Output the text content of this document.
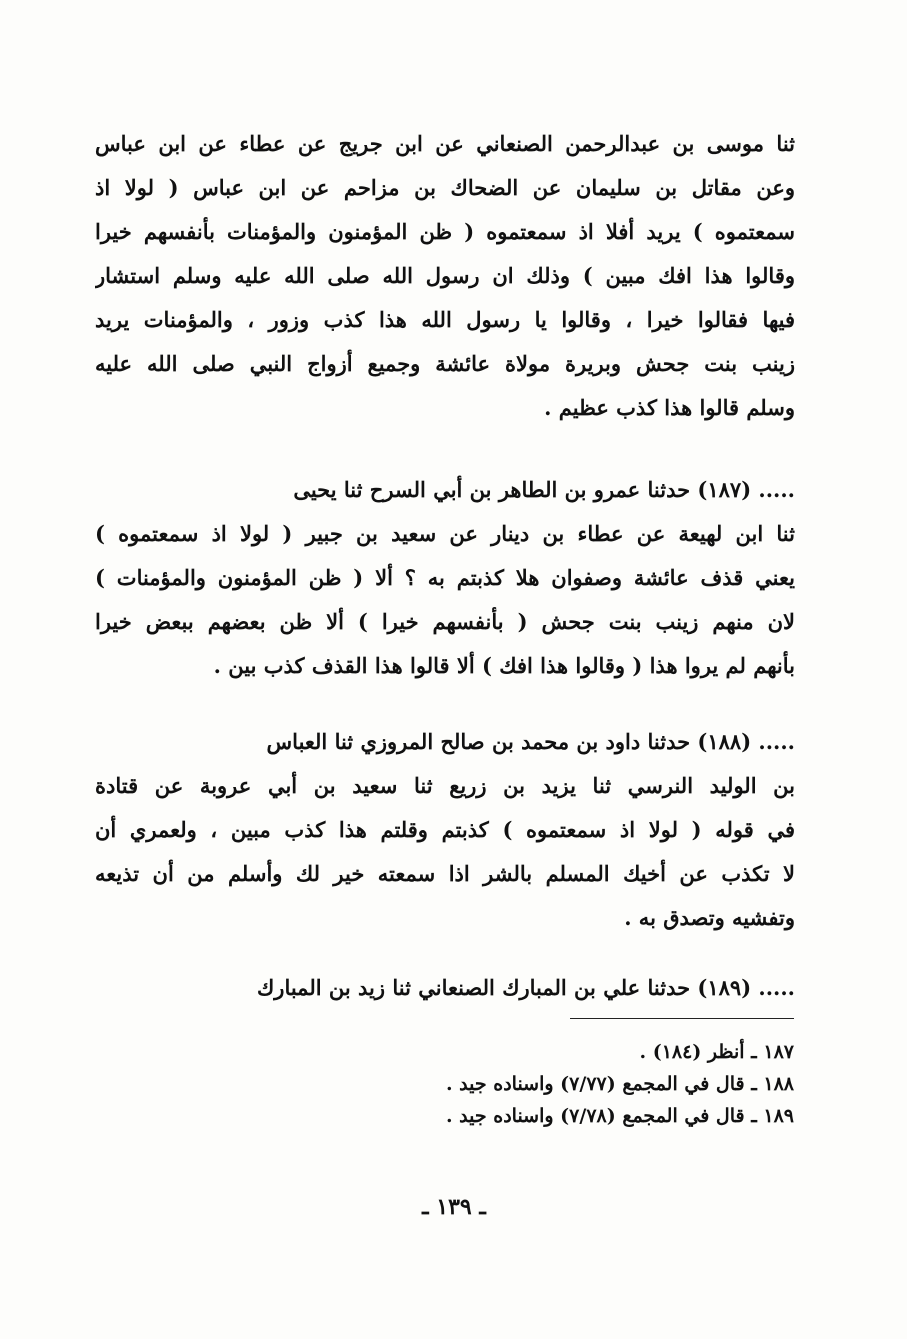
ثنا موسى بن عبدالرحمن الصنعاني عن ابن جريج عن عطاء عن ابن عباس
وعن مقاتل بن سليمان عن الضحاك بن مزاحم عن ابن عباس ( لولا اذ
سمعتموه ) يريد أفلا اذ سمعتموه ( ظن المؤمنون والمؤمنات بأنفسهم خيرا
وقالوا هذا افك مبين ) وذلك ان رسول الله صلى الله عليه وسلم استشار
فيها فقالوا خيرا ، وقالوا يا رسول الله هذا كذب وزور ، والمؤمنات يريد
زينب بنت جحش وبريرة مولاة عائشة وجميع أزواج النبي صلى الله عليه
وسلم قالوا هذا كذب عظيم .
..... (١٨٧) حدثنا عمرو بن الطاهر بن أبي السرح ثنا يحيى
ثنا ابن لهيعة عن عطاء بن دينار عن سعيد بن جبير ( لولا اذ سمعتموه )
يعني قذف عائشة وصفوان هلا كذبتم به ؟ ألا ( ظن المؤمنون والمؤمنات )
لان منهم زينب بنت جحش ( بأنفسهم خيرا ) ألا ظن بعضهم ببعض خيرا
بأنهم لم يروا هذا ( وقالوا هذا افك ) ألا قالوا هذا القذف كذب بين .
..... (١٨٨) حدثنا داود بن محمد بن صالح المروزي ثنا العباس
بن الوليد النرسي ثنا يزيد بن زريع ثنا سعيد بن أبي عروبة عن قتادة
في قوله ( لولا اذ سمعتموه ) كذبتم وقلتم هذا كذب مبين ، ولعمري أن
لا تكذب عن أخيك المسلم بالشر اذا سمعته خير لك وأسلم من أن تذيعه
وتفشيه وتصدق به .
..... (١٨٩) حدثنا علي بن المبارك الصنعاني ثنا زيد بن المبارك
١٨٧ ـ أنظر (١٨٤) .
١٨٨ ـ قال في المجمع (٧/٧٧) واسناده جيد .
١٨٩ ـ قال في المجمع (٧/٧٨) واسناده جيد .
ـ ١٣٩ ـ
